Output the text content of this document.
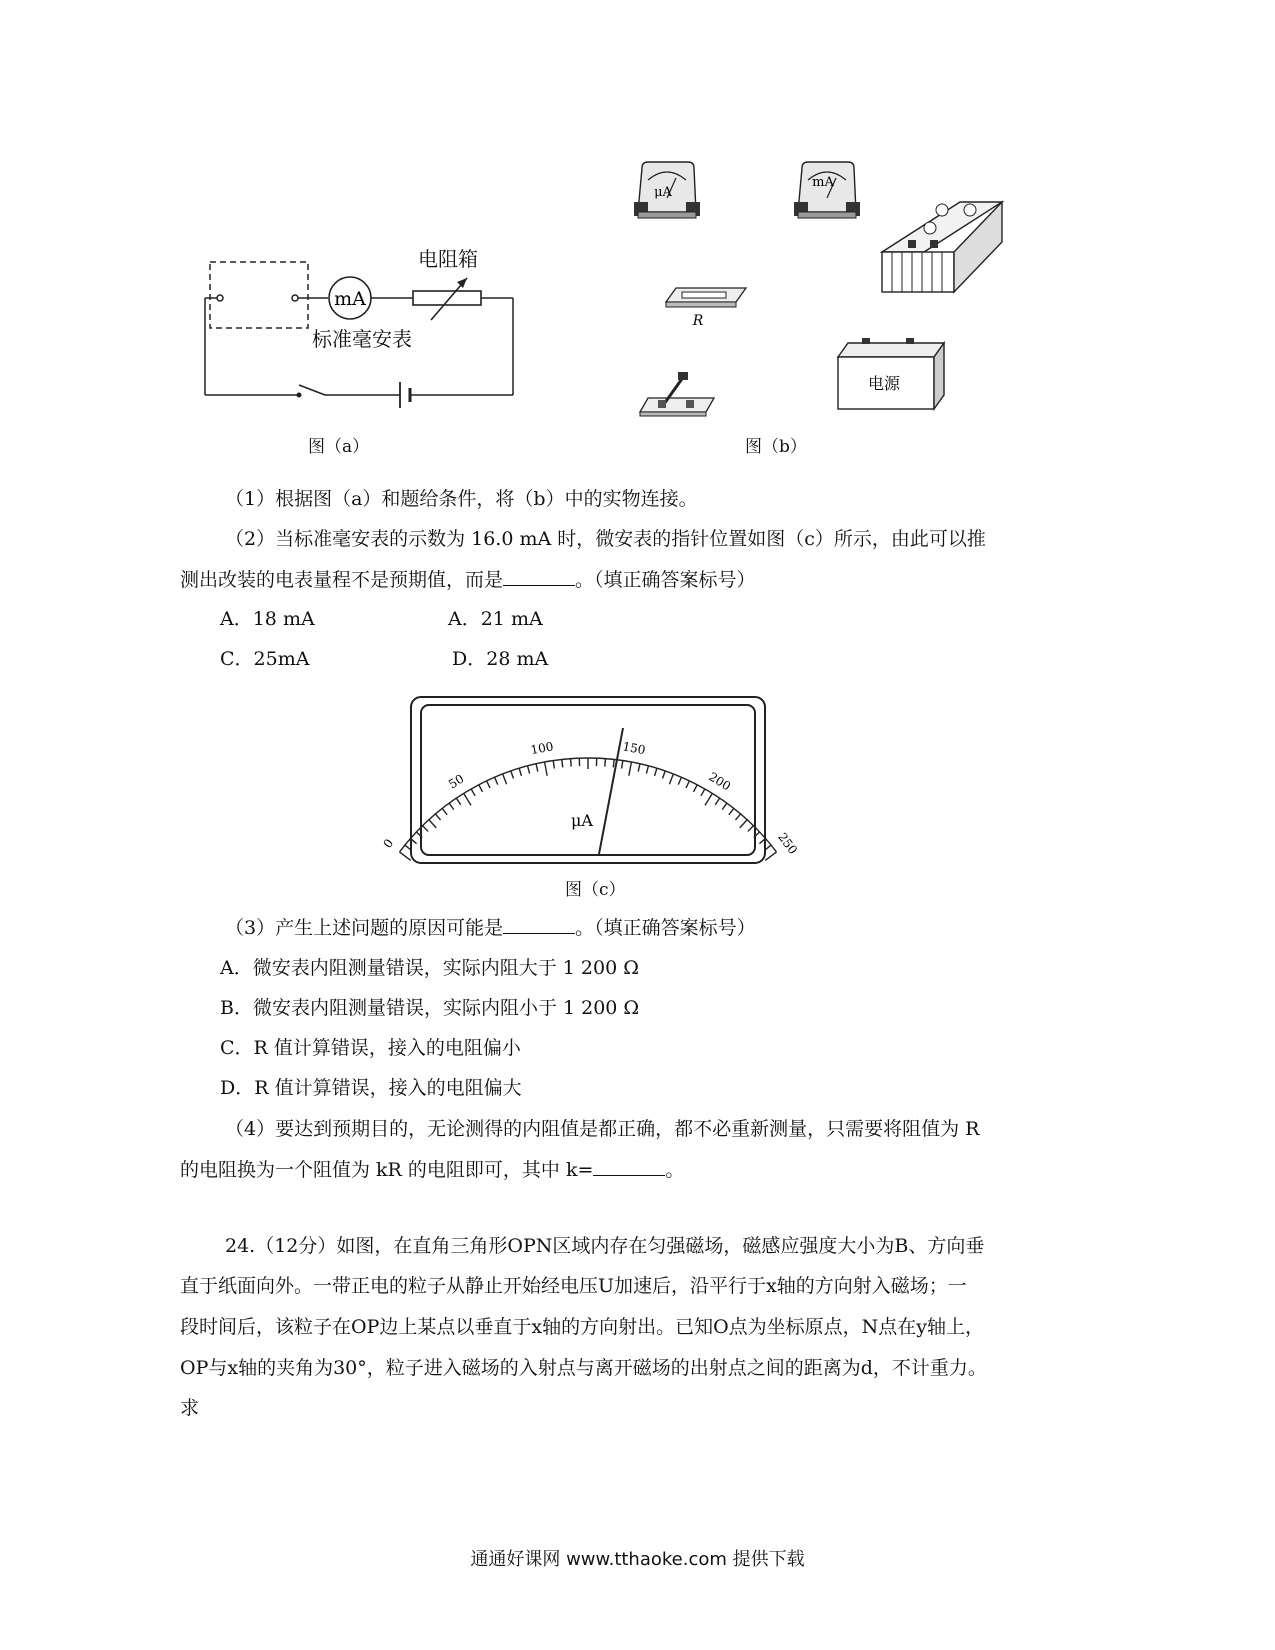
mA
电阻箱
标准毫安表
图（a）
μA
mA
R
电源
图（b）
（1）根据图（a）和题给条件，将（b）中的实物连接。
（2）当标准毫安表的示数为 16.0 mA 时，微安表的指针位置如图（c）所示，由此可以推
测出改装的电表量程不是预期值，而是	。（填正确答案标号）
A．18 mA	A．21 mA
C．25mA	D．28 mA
0
50
100	150
200
250
μA
图（c）
（3）产生上述问题的原因可能是	。（填正确答案标号）
A．微安表内阻测量错误，实际内阻大于 1 200 Ω
B．微安表内阻测量错误，实际内阻小于 1 200 Ω
C．R 值计算错误，接入的电阻偏小
D．R 值计算错误，接入的电阻偏大
（4）要达到预期目的，无论测得的内阻值是都正确，都不必重新测量，只需要将阻值为 R
的电阻换为一个阻值为 kR 的电阻即可，其中 k=	。
24.（12分）如图，在直角三角形OPN区域内存在匀强磁场，磁感应强度大小为B、方向垂
直于纸面向外。一带正电的粒子从静止开始经电压U加速后，沿平行于x轴的方向射入磁场；一
段时间后，该粒子在OP边上某点以垂直于x轴的方向射出。已知O点为坐标原点，N点在y轴上，
OP与x轴的夹角为30°，粒子进入磁场的入射点与离开磁场的出射点之间的距离为d，不计重力。
求
通通好课网 www.tthaoke.com 提供下载
